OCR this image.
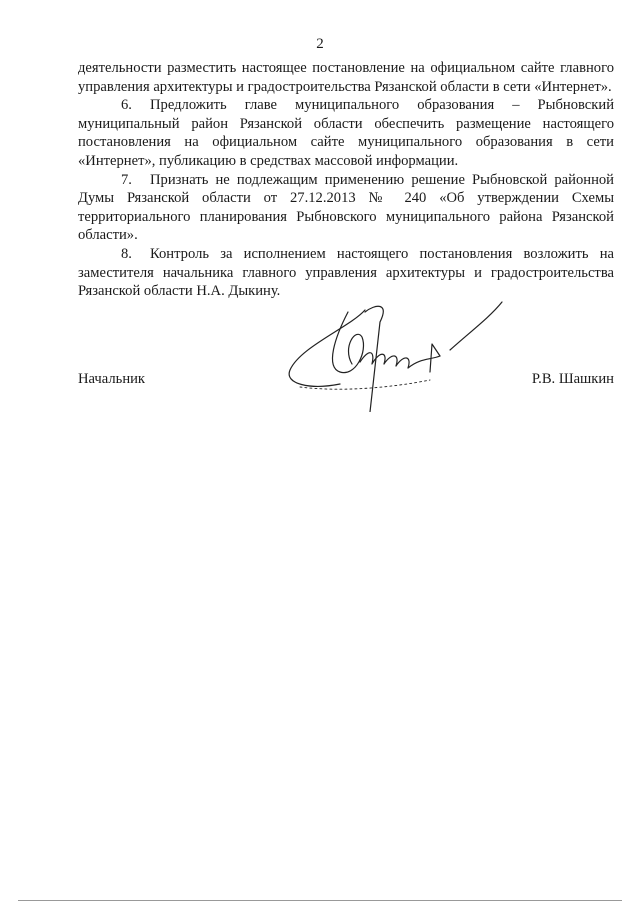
2

деятельности разместить настоящее постановление на официальном сайте главного управления архитектуры и градостроительства Рязанской области в сети «Интернет».

6. Предложить главе муниципального образования – Рыбновский муниципальный район Рязанской области обеспечить размещение настоящего постановления на официальном сайте муниципального образования в сети «Интернет», публикацию в средствах массовой информации.

7. Признать не подлежащим применению решение Рыбновской районной Думы Рязанской области от 27.12.2013 № 240 «Об утверждении Схемы территориального планирования Рыбновского муниципального района Рязанской области».

8. Контроль за исполнением настоящего постановления возложить на заместителя начальника главного управления архитектуры и градостроительства Рязанской области Н.А. Дыкину.

Начальник	Р.В. Шашкин
